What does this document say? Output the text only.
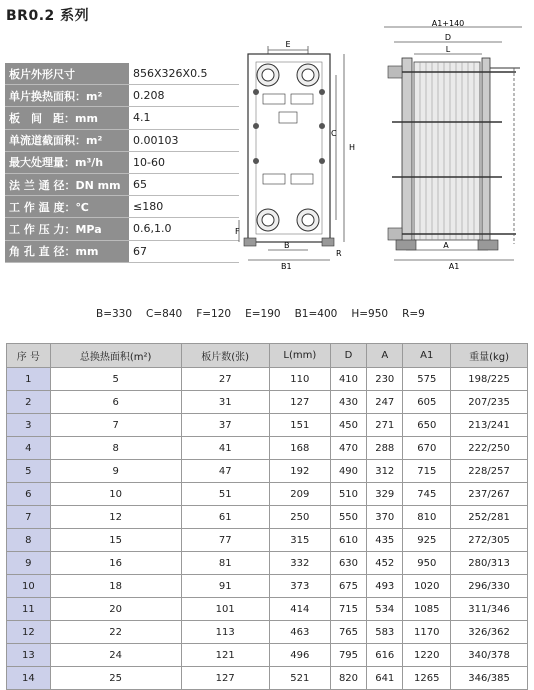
BR0.2 系列
板片外形尺寸	856X326X0.5
单片换热面积：m²	0.208
板　间　距：mm	4.1
单流道截面积：m²	0.00103
最大处理量：m³/h	10-60
法 兰 通 径：DN mm	65
工 作 温 度：℃	≤180
工 作 压 力：MPa	0.6,1.0
角 孔 直 径：mm	67
E
H
C
F
B
B1
R
A1+140
D
L
A
A1
B=330 C=840 F=120 E=190 B1=400 H=950 R=9
序 号	总换热面积(m²)	板片数(张)	L(mm)	D	A	A1	重量(kg)
1	5	27	110	410	230	575	198/225
2	6	31	127	430	247	605	207/235
3	7	37	151	450	271	650	213/241
4	8	41	168	470	288	670	222/250
5	9	47	192	490	312	715	228/257
6	10	51	209	510	329	745	237/267
7	12	61	250	550	370	810	252/281
8	15	77	315	610	435	925	272/305
9	16	81	332	630	452	950	280/313
10	18	91	373	675	493	1020	296/330
11	20	101	414	715	534	1085	311/346
12	22	113	463	765	583	1170	326/362
13	24	121	496	795	616	1220	340/378
14	25	127	521	820	641	1265	346/385
